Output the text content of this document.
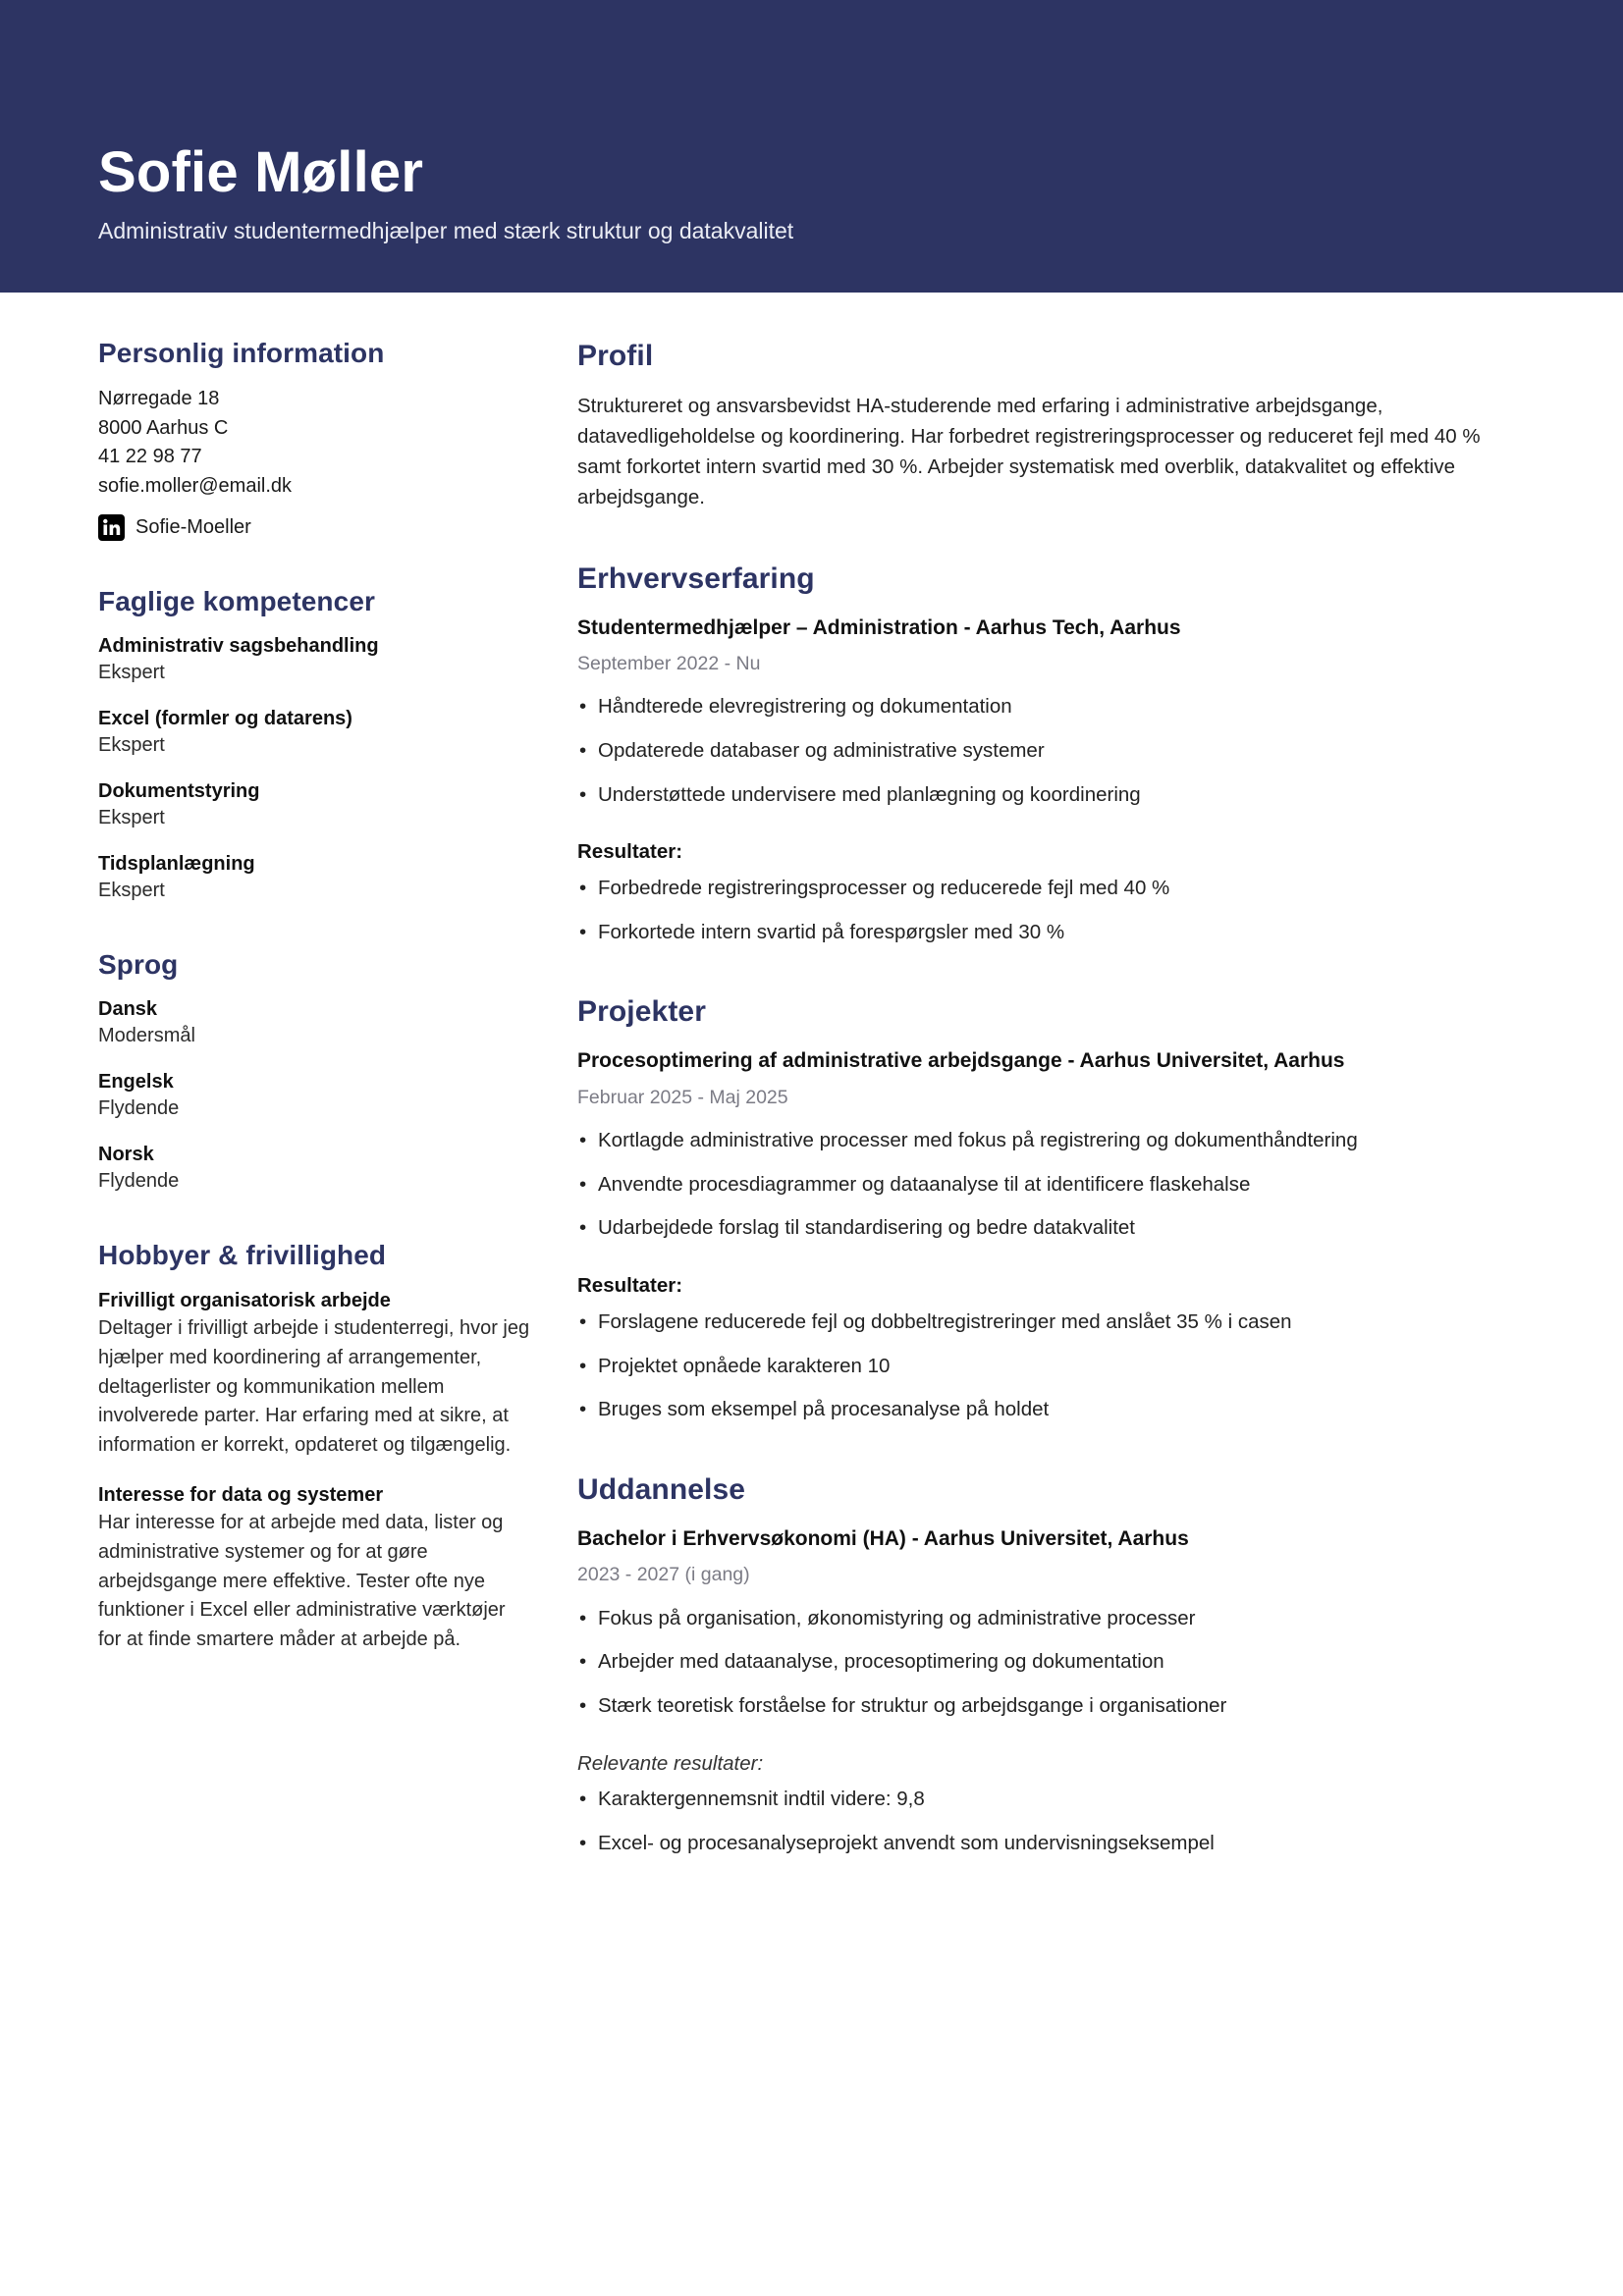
Sofie Møller
Administrativ studentermedhjælper med stærk struktur og datakvalitet
Personlig information
Nørregade 18
8000 Aarhus C
41 22 98 77
sofie.moller@email.dk
Sofie-Moeller
Faglige kompetencer
Administrativ sagsbehandling
Ekspert
Excel (formler og datarens)
Ekspert
Dokumentstyring
Ekspert
Tidsplanlægning
Ekspert
Sprog
Dansk
Modersmål
Engelsk
Flydende
Norsk
Flydende
Hobbyer & frivillighed
Frivilligt organisatorisk arbejde
Deltager i frivilligt arbejde i studenterregi, hvor jeg hjælper med koordinering af arrangementer, deltagerlister og kommunikation mellem involverede parter. Har erfaring med at sikre, at information er korrekt, opdateret og tilgængelig.
Interesse for data og systemer
Har interesse for at arbejde med data, lister og administrative systemer og for at gøre arbejdsgange mere effektive. Tester ofte nye funktioner i Excel eller administrative værktøjer for at finde smartere måder at arbejde på.
Profil

Struktureret og ansvarsbevidst HA-studerende med erfaring i administrative arbejdsgange, datavedligeholdelse og koordinering. Har forbedret registreringsprocesser og reduceret fejl med 40 % samt forkortet intern svartid med 30 %. Arbejder systematisk med overblik, datakvalitet og effektive arbejdsgange.

Erhvervserfaring
Studentermedhjælper – Administration - Aarhus Tech, Aarhus
September 2022 - Nu
• Håndterede elevregistrering og dokumentation
• Opdaterede databaser og administrative systemer
• Understøttede undervisere med planlægning og koordinering
Resultater:
• Forbedrede registreringsprocesser og reducerede fejl med 40 %
• Forkortede intern svartid på forespørgsler med 30 %
Projekter
Procesoptimering af administrative arbejdsgange - Aarhus Universitet, Aarhus
Februar 2025 - Maj 2025
• Kortlagde administrative processer med fokus på registrering og dokumenthåndtering
• Anvendte procesdiagrammer og dataanalyse til at identificere flaskehalse
• Udarbejdede forslag til standardisering og bedre datakvalitet
Resultater:
• Forslagene reducerede fejl og dobbeltregistreringer med anslået 35 % i casen
• Projektet opnåede karakteren 10
• Bruges som eksempel på procesanalyse på holdet
Uddannelse
Bachelor i Erhvervsøkonomi (HA) - Aarhus Universitet, Aarhus
2023 - 2027 (i gang)
• Fokus på organisation, økonomistyring og administrative processer
• Arbejder med dataanalyse, procesoptimering og dokumentation
• Stærk teoretisk forståelse for struktur og arbejdsgange i organisationer
Relevante resultater:
• Karaktergennemsnit indtil videre: 9,8
• Excel- og procesanalyseprojekt anvendt som undervisningseksempel
